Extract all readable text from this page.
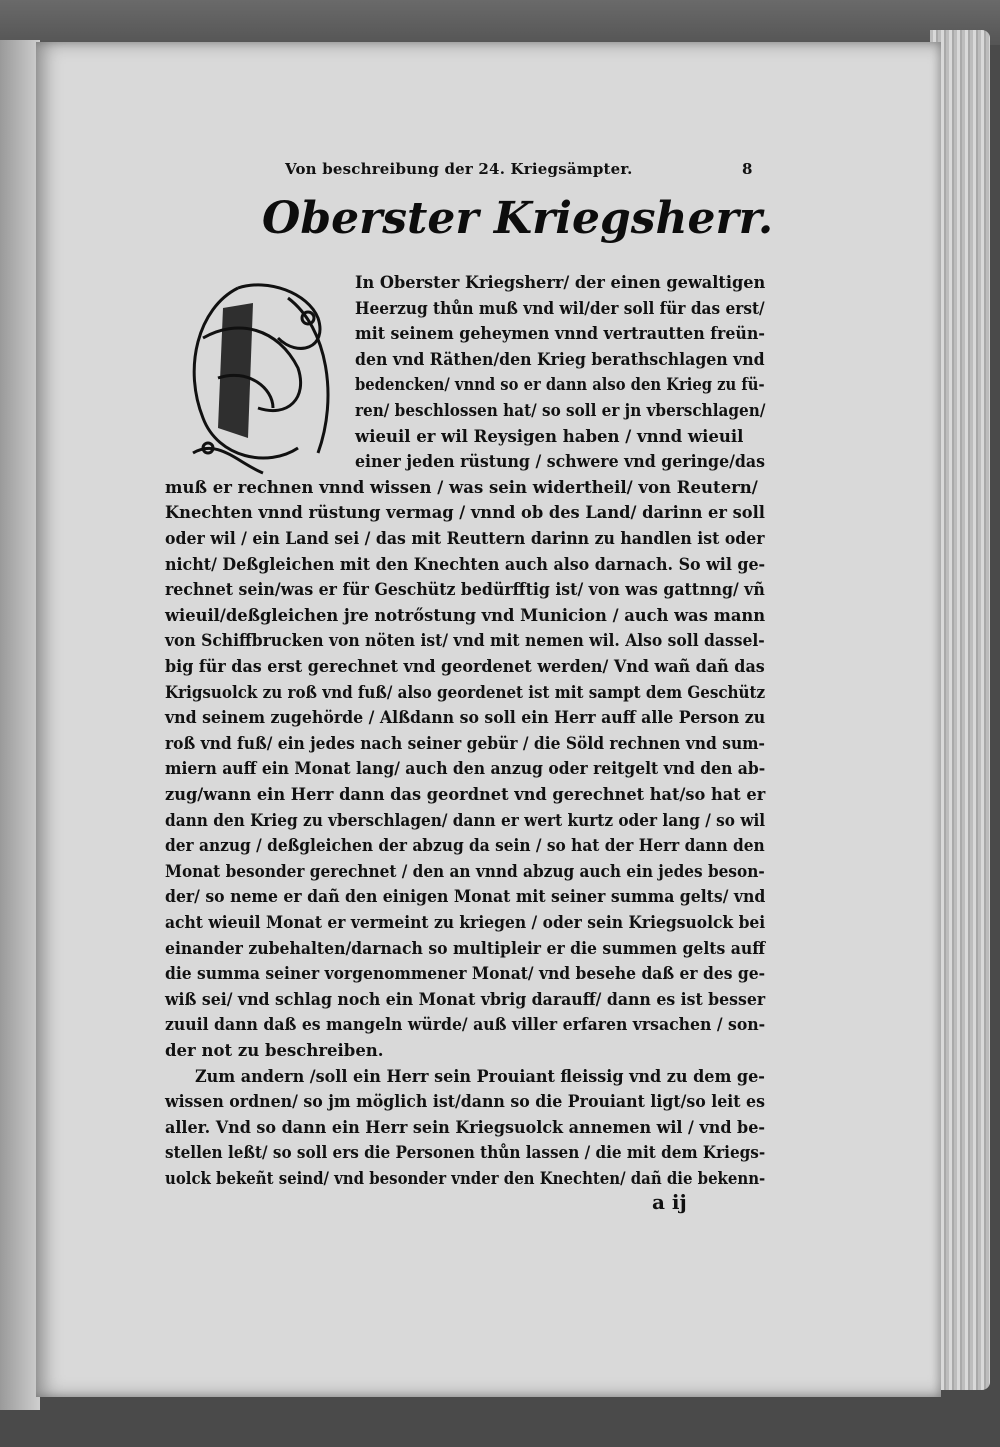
Von beschreibung der 24. Kriegsämpter.	8
Oberster Kriegsherr.
In Oberster Kriegsherr/ der einen gewaltigen
Heerzug thůn muß vnd wil/der soll für das erst/
mit seinem geheymen vnnd vertrautten freün-
den vnd Räthen/den Krieg berathschlagen vnd
bedencken/ vnnd so er dann also den Krieg zu fü-
ren/ beschlossen hat/ so soll er jn vberschlagen/
wieuil er wil Reysigen haben / vnnd wieuil
einer jeden rüstung / schwere vnd geringe/das
muß er rechnen vnnd wissen / was sein widertheil/ von Reutern/
Knechten vnnd rüstung vermag / vnnd ob des Land/ darinn er soll
oder wil / ein Land sei / das mit Reuttern darinn zu handlen ist oder
nicht/ Deßgleichen mit den Knechten auch also darnach. So wil ge-
rechnet sein/was er für Geschütz bedürfftig ist/ von was gattnng/ vñ
wieuil/deßgleichen jre notrőstung vnd Municion / auch was mann
von Schiffbrucken von nöten ist/ vnd mit nemen wil. Also soll dassel-
big für das erst gerechnet vnd geordenet werden/ Vnd wañ dañ das
Krigsuolck zu roß vnd fuß/ also geordenet ist mit sampt dem Geschütz
vnd seinem zugehörde / Alßdann so soll ein Herr auff alle Person zu
roß vnd fuß/ ein jedes nach seiner gebür / die Söld rechnen vnd sum-
miern auff ein Monat lang/ auch den anzug oder reitgelt vnd den ab-
zug/wann ein Herr dann das geordnet vnd gerechnet hat/so hat er
dann den Krieg zu vberschlagen/ dann er wert kurtz oder lang / so wil
der anzug / deßgleichen der abzug da sein / so hat der Herr dann den
Monat besonder gerechnet / den an vnnd abzug auch ein jedes beson-
der/ so neme er dañ den einigen Monat mit seiner summa gelts/ vnd
acht wieuil Monat er vermeint zu kriegen / oder sein Kriegsuolck bei
einander zubehalten/darnach so multipleir er die summen gelts auff
die summa seiner vorgenommener Monat/ vnd besehe daß er des ge-
wiß sei/ vnd schlag noch ein Monat vbrig darauff/ dann es ist besser
zuuil dann daß es mangeln würde/ auß viller erfaren vrsachen / son-
der not zu beschreiben.
Zum andern /soll ein Herr sein Prouiant fleissig vnd zu dem ge-
wissen ordnen/ so jm möglich ist/dann so die Prouiant ligt/so leit es
aller. Vnd so dann ein Herr sein Kriegsuolck annemen wil / vnd be-
stellen leßt/ so soll ers die Personen thůn lassen / die mit dem Kriegs-
uolck bekeñt seind/ vnd besonder vnder den Knechten/ dañ die bekenn-
a ij
